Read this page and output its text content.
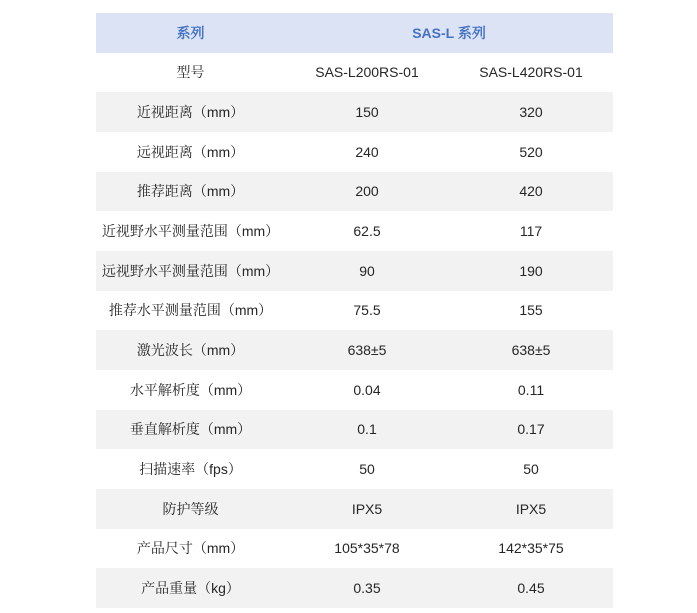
系列	SAS-L 系列	
型号	SAS-L200RS-01	SAS-L420RS-01
近视距离（mm）	150	320
远视距离（mm）	240	520
推荐距离（mm）	200	420
近视野水平测量范围（mm）	62.5	117
远视野水平测量范围（mm）	90	190
推荐水平测量范围（mm）	75.5	155
激光波长（mm）	638±5	638±5
水平解析度（mm）	0.04	0.11
垂直解析度（mm）	0.1	0.17
扫描速率（fps）	50	50
防护等级	IPX5	IPX5
产品尺寸（mm）	105*35*78	142*35*75
产品重量（kg）	0.35	0.45
